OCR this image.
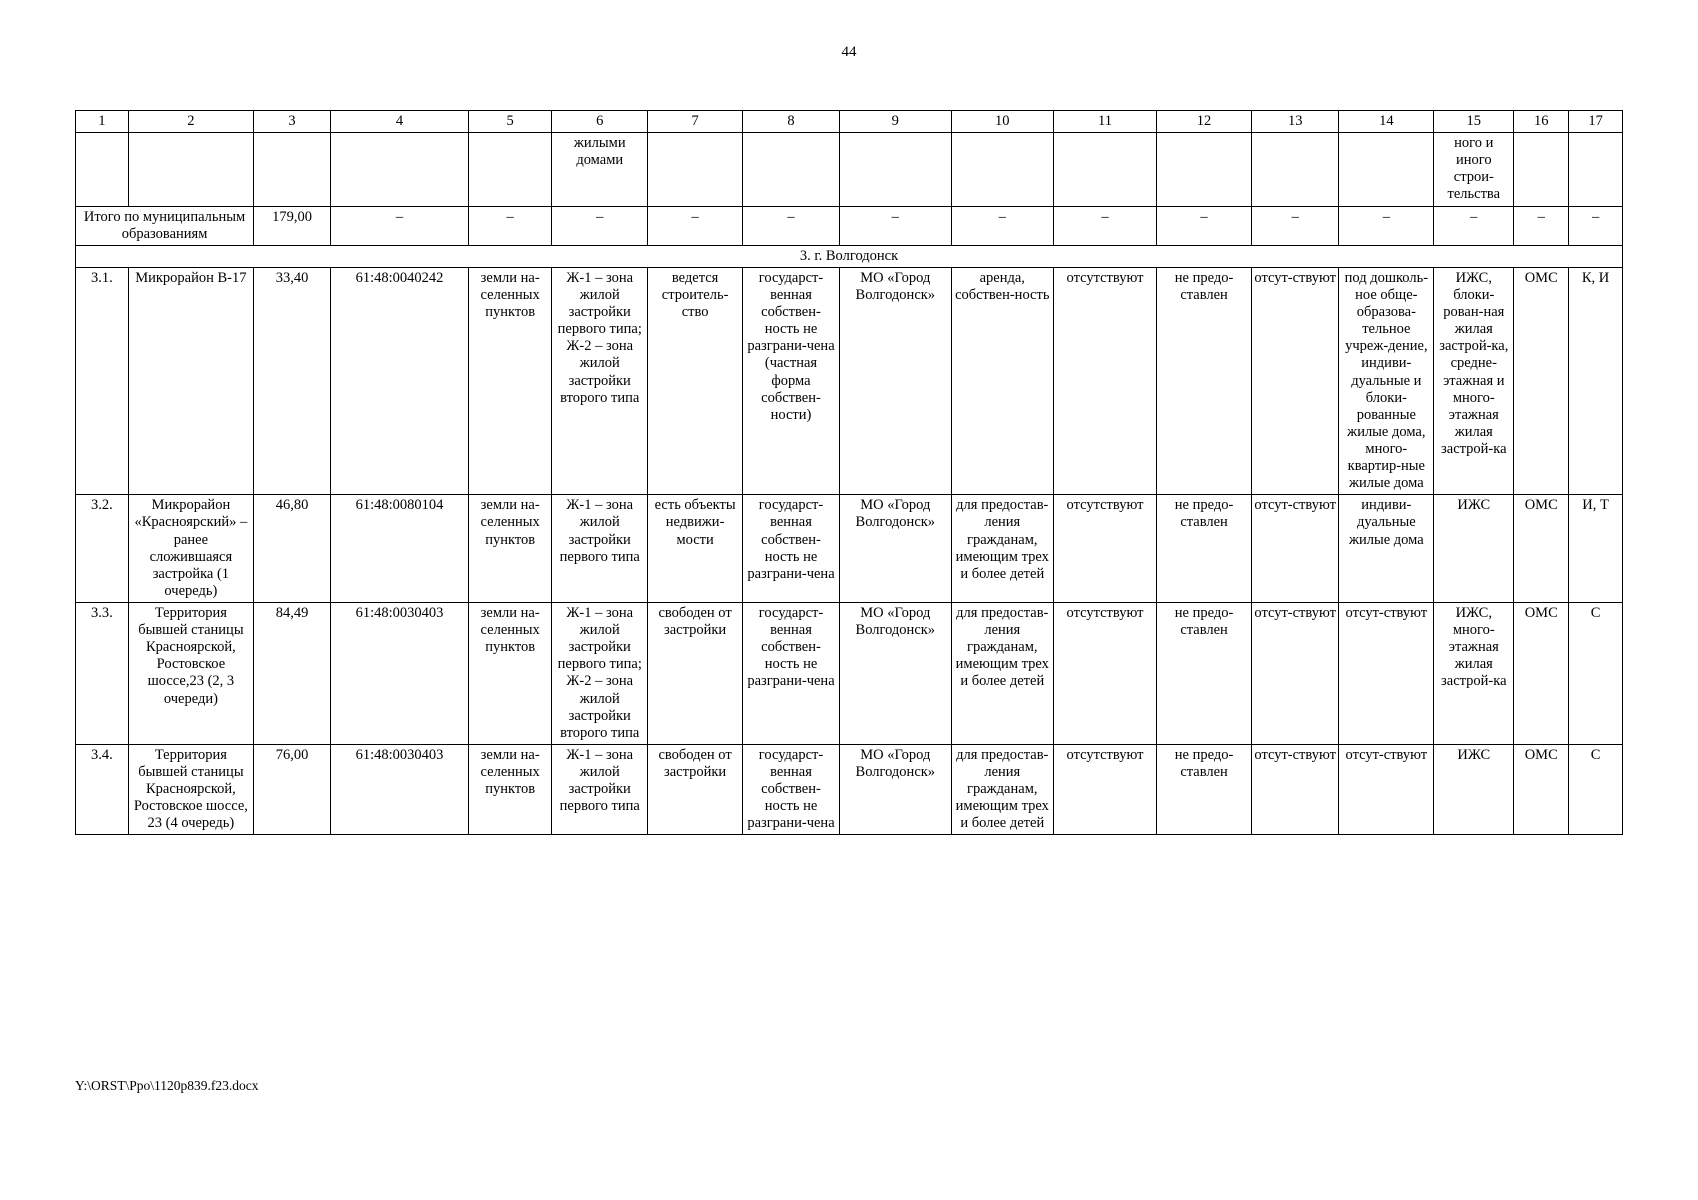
44
1	2	3	4	5	6	7	8	9	10	11	12	13	14	15	16	17
					жилыми домами									ного и иного строи-тельства		
Итого по муниципальным образованиям		179,00	–	–	–	–	–	–	–	–	–	–	–	–	–	–
3. г. Волгодонск																
3.1.	Микрорайон В-17	33,40	61:48:0040242	земли на-селенных пунктов	Ж-1 – зона жилой застройки первого типа; Ж-2 – зона жилой застройки второго типа	ведется строитель-ство	государст-венная собствен-ность не разграни-чена (частная форма собствен-ности)	МО «Город Волгодонск»	аренда, собствен-ность	отсутствуют	не предо-ставлен	отсут-ствуют	под дошколь-ное обще-образова-тельное учреж-дение, индиви-дуальные и блоки-рованные жилые дома, много-квартир-ные жилые дома	ИЖС, блоки-рован-ная жилая застрой-ка, средне-этажная и много-этажная жилая застрой-ка	ОМС	К, И
3.2.	Микрорайон «Красноярский» – ранее сложившаяся застройка (1 очередь)	46,80	61:48:0080104	земли на-селенных пунктов	Ж-1 – зона жилой застройки первого типа	есть объекты недвижи-мости	государст-венная собствен-ность не разграни-чена	МО «Город Волгодонск»	для предостав-ления гражданам, имеющим трех и более детей	отсутствуют	не предо-ставлен	отсут-ствуют	индиви-дуальные жилые дома	ИЖС	ОМС	И, Т
3.3.	Территория бывшей станицы Красноярской, Ростовское шоссе,23 (2, 3 очереди)	84,49	61:48:0030403	земли на-селенных пунктов	Ж-1 – зона жилой застройки первого типа; Ж-2 – зона жилой застройки второго типа	свободен от застройки	государст-венная собствен-ность не разграни-чена	МО «Город Волгодонск»	для предостав-ления гражданам, имеющим трех и более детей	отсутствуют	не предо-ставлен	отсут-ствуют	отсут-ствуют	ИЖС, много-этажная жилая застрой-ка	ОМС	С
3.4.	Территория бывшей станицы Красноярской, Ростовское шоссе, 23 (4 очередь)	76,00	61:48:0030403	земли на-селенных пунктов	Ж-1 – зона жилой застройки первого типа	свободен от застройки	государст-венная собствен-ность не разграни-чена	МО «Город Волгодонск»	для предостав-ления гражданам, имеющим трех и более детей	отсутствуют	не предо-ставлен	отсут-ствуют	отсут-ствуют	ИЖС	ОМС	С
Y:\ORST\Ppo\1120p839.f23.docx
